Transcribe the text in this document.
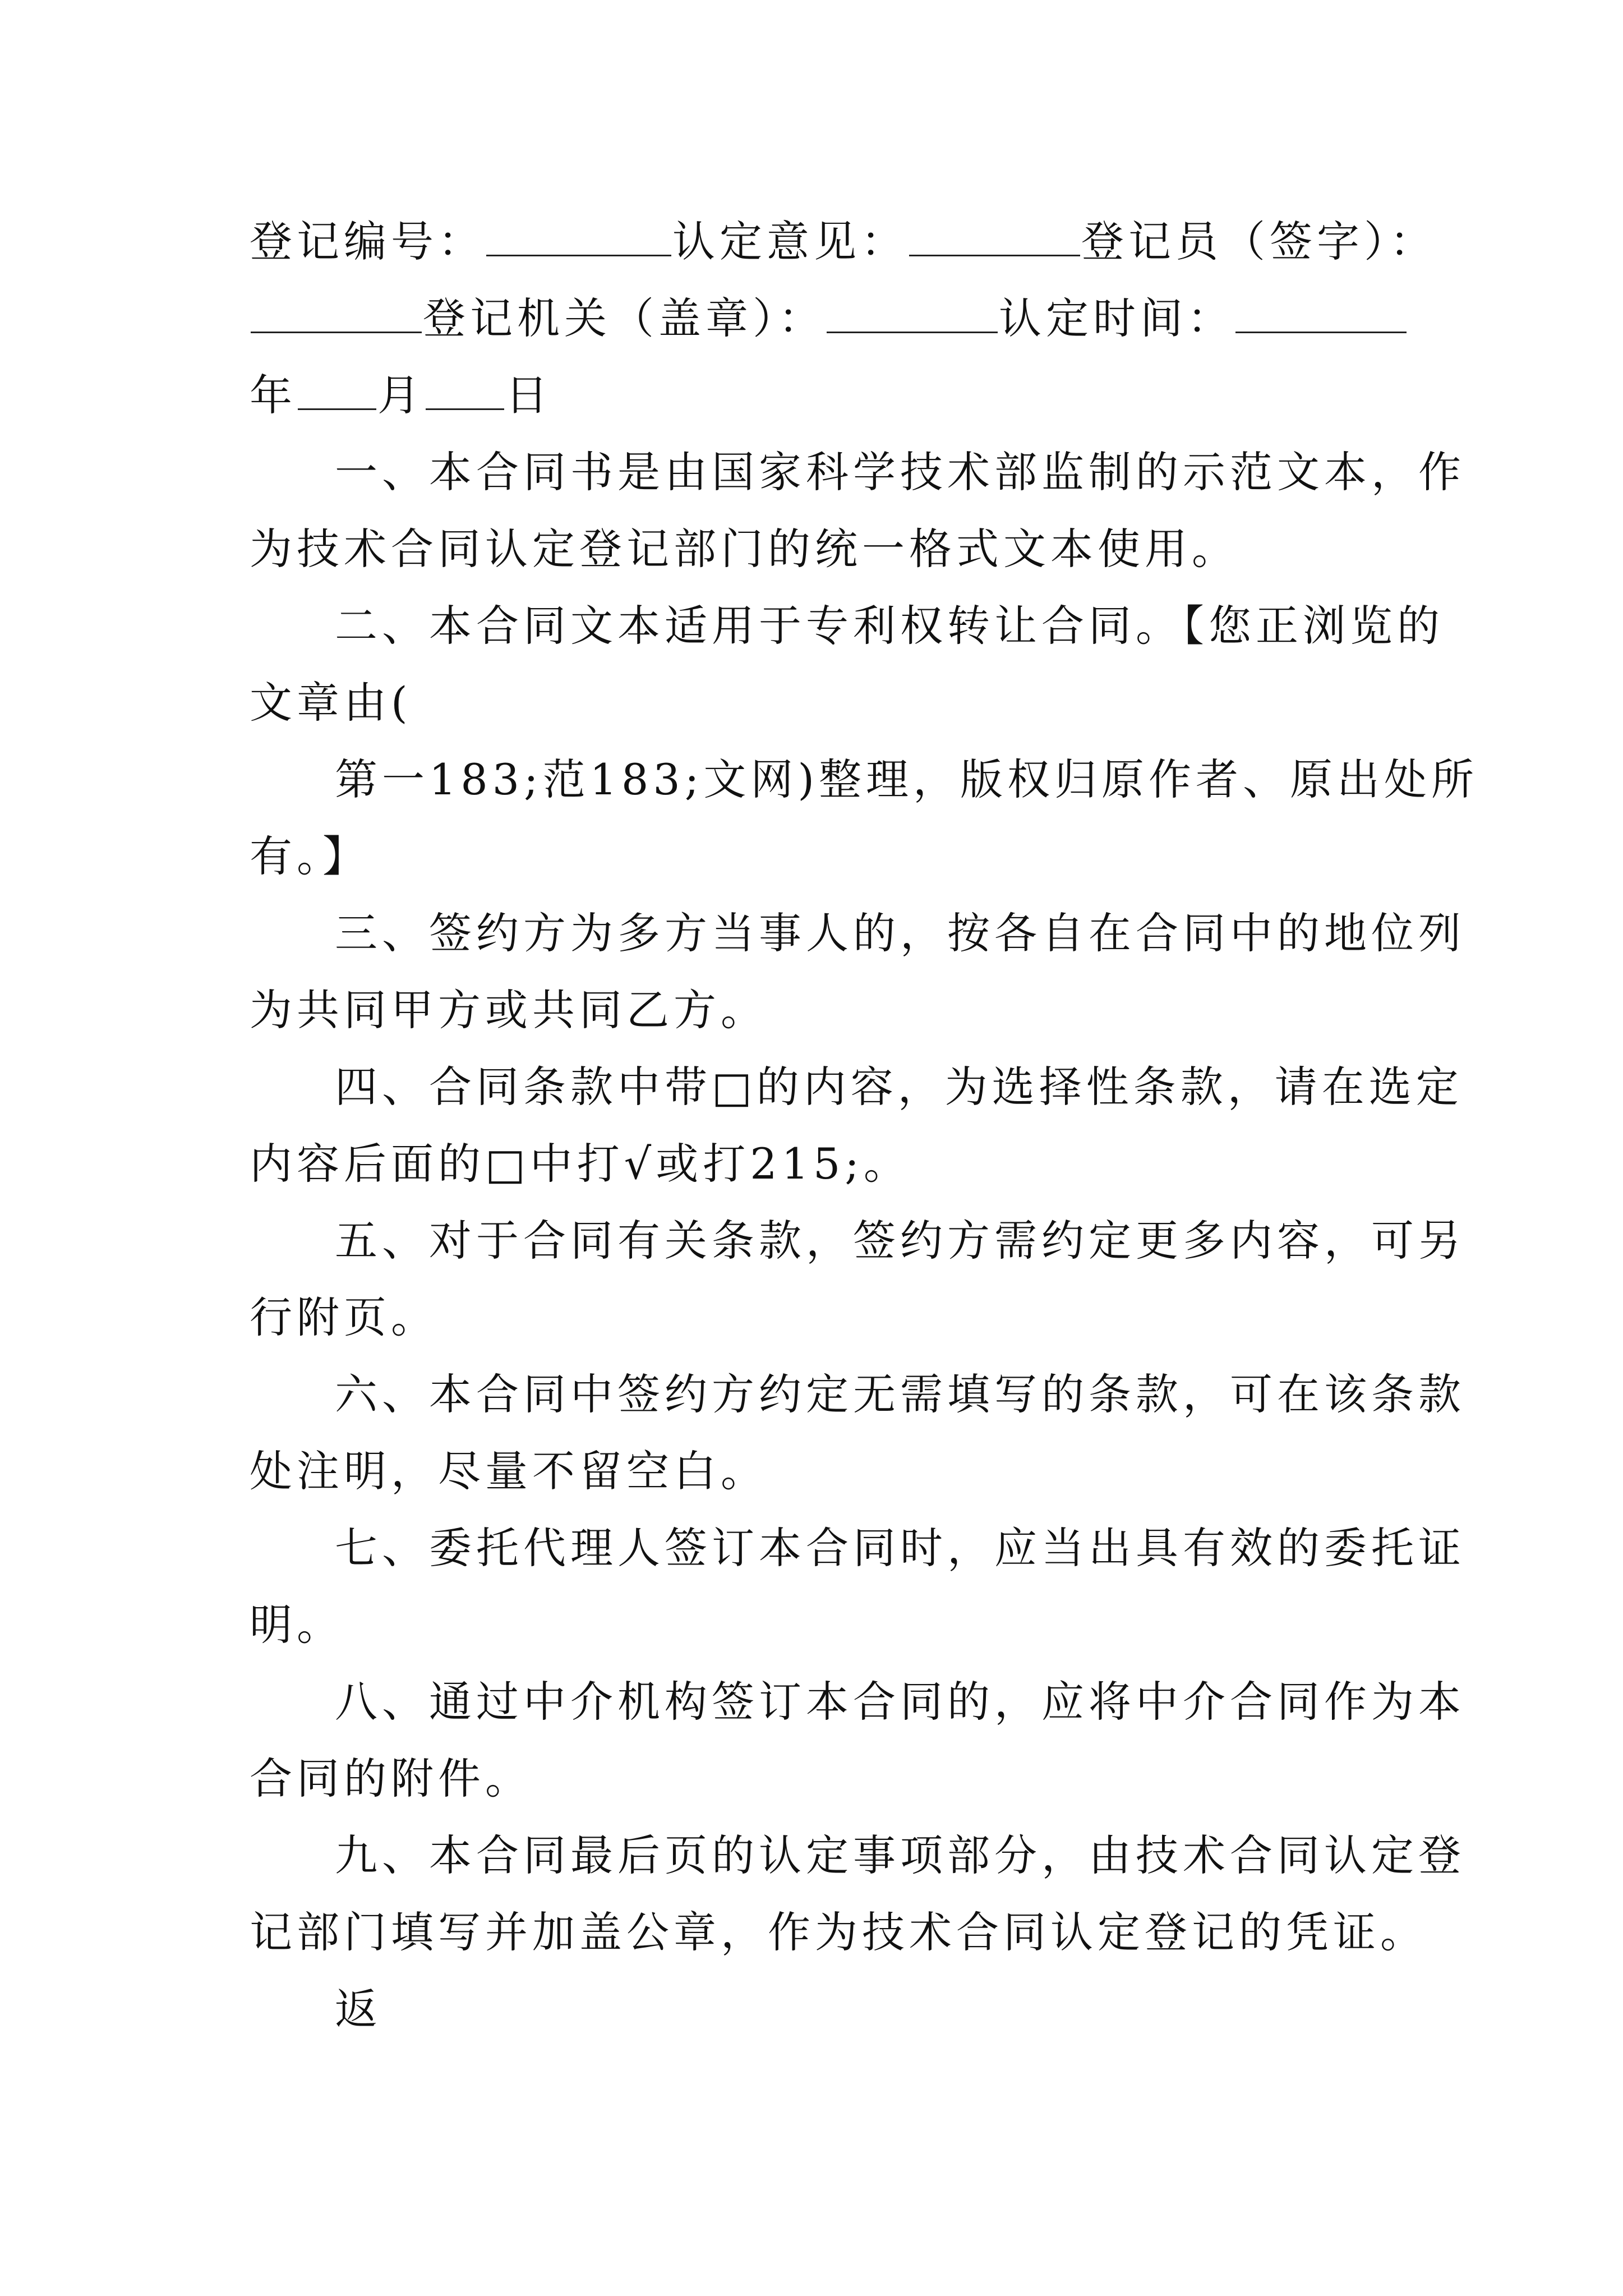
登记编号：	认定意见：	登记员（签字）：
登记机关（盖章）：	认定时间：
年 月 日
一、本合同书是由国家科学技术部监制的示范文本，作
为技术合同认定登记部门的统一格式文本使用。
二、本合同文本适用于专利权转让合同。【您正浏览的
文章由(
第一183;范183;文网)整理，版权归原作者、原出处所
有。】
三、签约方为多方当事人的，按各自在合同中的地位列
为共同甲方或共同乙方。
四、合同条款中带□的内容，为选择性条款，请在选定
内容后面的□中打√或打215;。
五、对于合同有关条款，签约方需约定更多内容，可另
行附页。
六、本合同中签约方约定无需填写的条款，可在该条款
处注明，尽量不留空白。
七、委托代理人签订本合同时，应当出具有效的委托证
明。
八、通过中介机构签订本合同的，应将中介合同作为本
合同的附件。
九、本合同最后页的认定事项部分，由技术合同认定登
记部门填写并加盖公章，作为技术合同认定登记的凭证。
返
